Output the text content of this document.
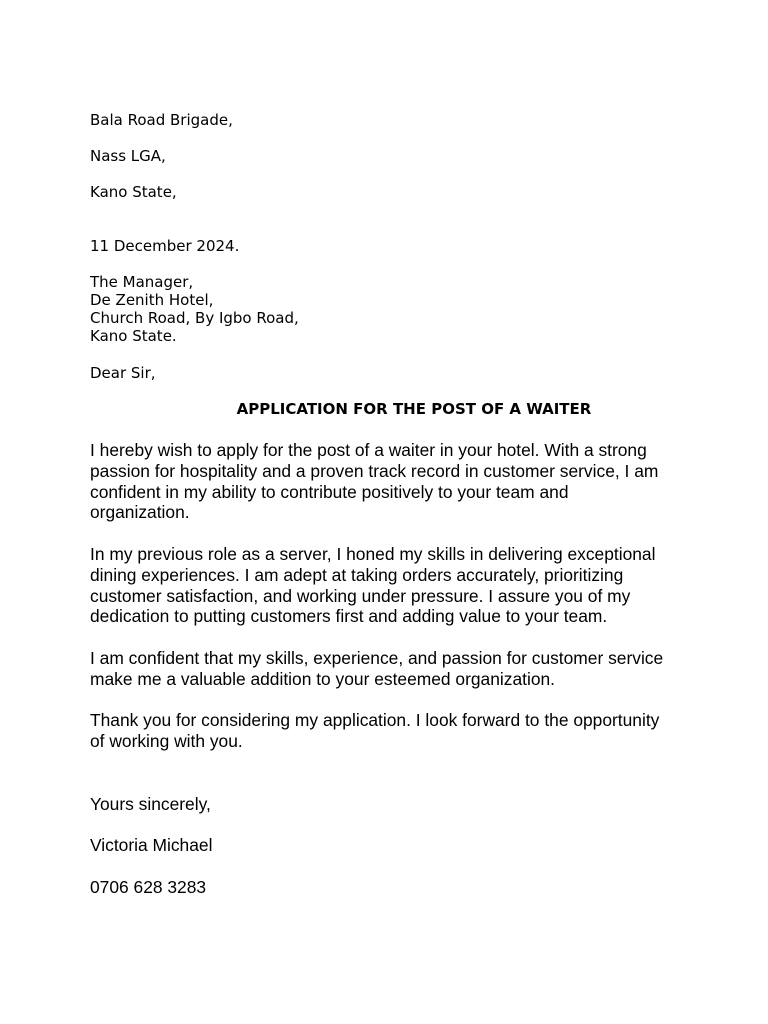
Bala Road Brigade,
Nass LGA,
Kano State,
11 December 2024.
The Manager,
De Zenith Hotel,
Church Road, By Igbo Road,
Kano State.
Dear Sir,
APPLICATION FOR THE POST OF A WAITER
I hereby wish to apply for the post of a waiter in your hotel. With a strong
passion for hospitality and a proven track record in customer service, I am
confident in my ability to contribute positively to your team and
organization.
In my previous role as a server, I honed my skills in delivering exceptional
dining experiences. I am adept at taking orders accurately, prioritizing
customer satisfaction, and working under pressure. I assure you of my
dedication to putting customers first and adding value to your team.
I am confident that my skills, experience, and passion for customer service
make me a valuable addition to your esteemed organization.
Thank you for considering my application. I look forward to the opportunity
of working with you.
Yours sincerely,
Victoria Michael
0706 628 3283
